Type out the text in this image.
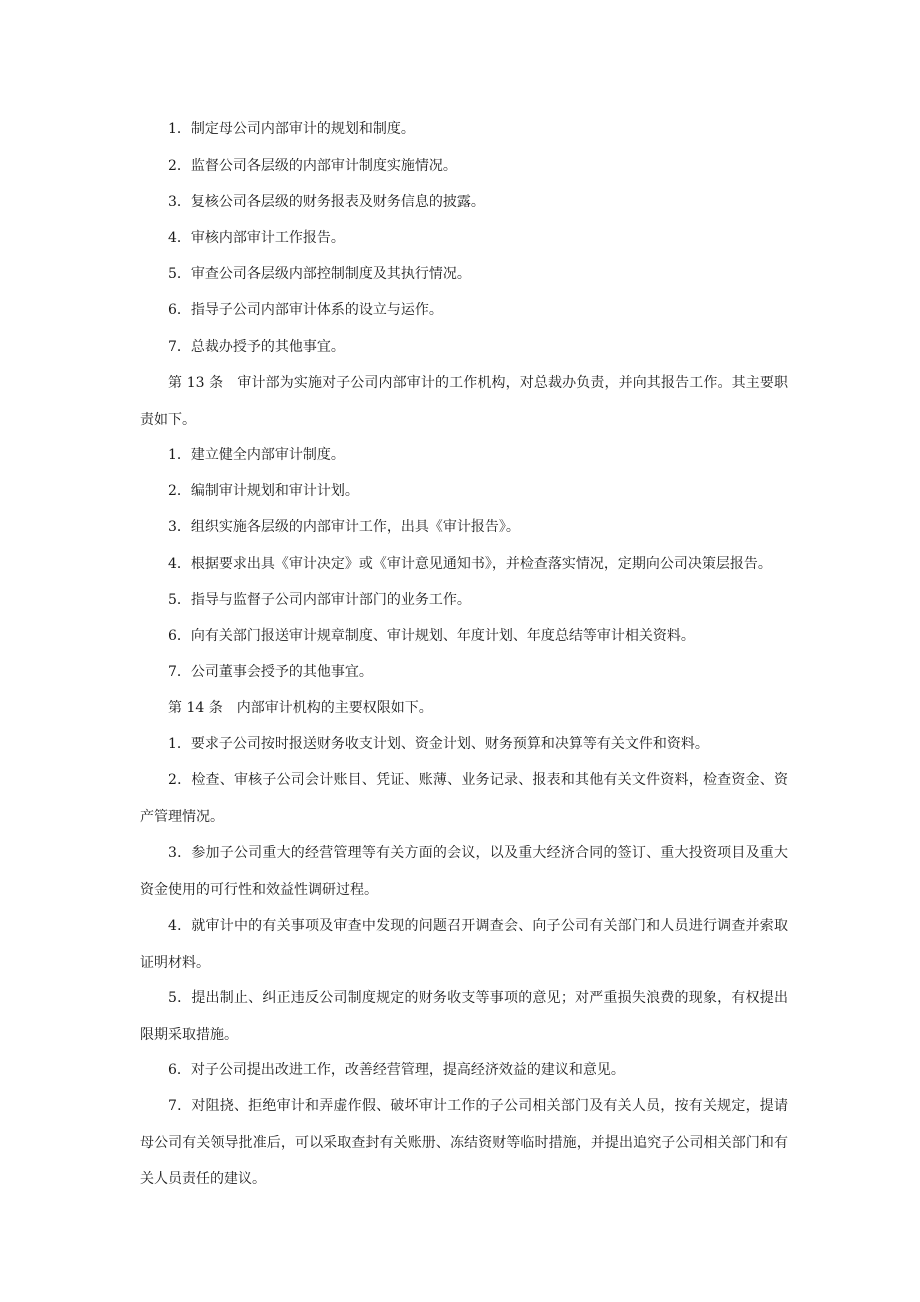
1．制定母公司内部审计的规划和制度。
2．监督公司各层级的内部审计制度实施情况。
3．复核公司各层级的财务报表及财务信息的披露。
4．审核内部审计工作报告。
5．审查公司各层级内部控制制度及其执行情况。
6．指导子公司内部审计体系的设立与运作。
7．总裁办授予的其他事宜。
第 13 条　审计部为实施对子公司内部审计的工作机构，对总裁办负责，并向其报告工作。其主要职责如下。
1．建立健全内部审计制度。
2．编制审计规划和审计计划。
3．组织实施各层级的内部审计工作，出具《审计报告》。
4．根据要求出具《审计决定》或《审计意见通知书》，并检查落实情况，定期向公司决策层报告。
5．指导与监督子公司内部审计部门的业务工作。
6．向有关部门报送审计规章制度、审计规划、年度计划、年度总结等审计相关资料。
7．公司董事会授予的其他事宜。
第 14 条　内部审计机构的主要权限如下。
1．要求子公司按时报送财务收支计划、资金计划、财务预算和决算等有关文件和资料。
2．检查、审核子公司会计账目、凭证、账薄、业务记录、报表和其他有关文件资料，检查资金、资产管理情况。
3．参加子公司重大的经营管理等有关方面的会议，以及重大经济合同的签订、重大投资项目及重大资金使用的可行性和效益性调研过程。
4．就审计中的有关事项及审查中发现的问题召开调查会、向子公司有关部门和人员进行调查并索取证明材料。
5．提出制止、纠正违反公司制度规定的财务收支等事项的意见；对严重损失浪费的现象，有权提出限期采取措施。
6．对子公司提出改进工作，改善经营管理，提高经济效益的建议和意见。
7．对阻挠、拒绝审计和弄虚作假、破坏审计工作的子公司相关部门及有关人员，按有关规定，提请母公司有关领导批准后，可以采取查封有关账册、冻结资财等临时措施，并提出追究子公司相关部门和有关人员责任的建议。
